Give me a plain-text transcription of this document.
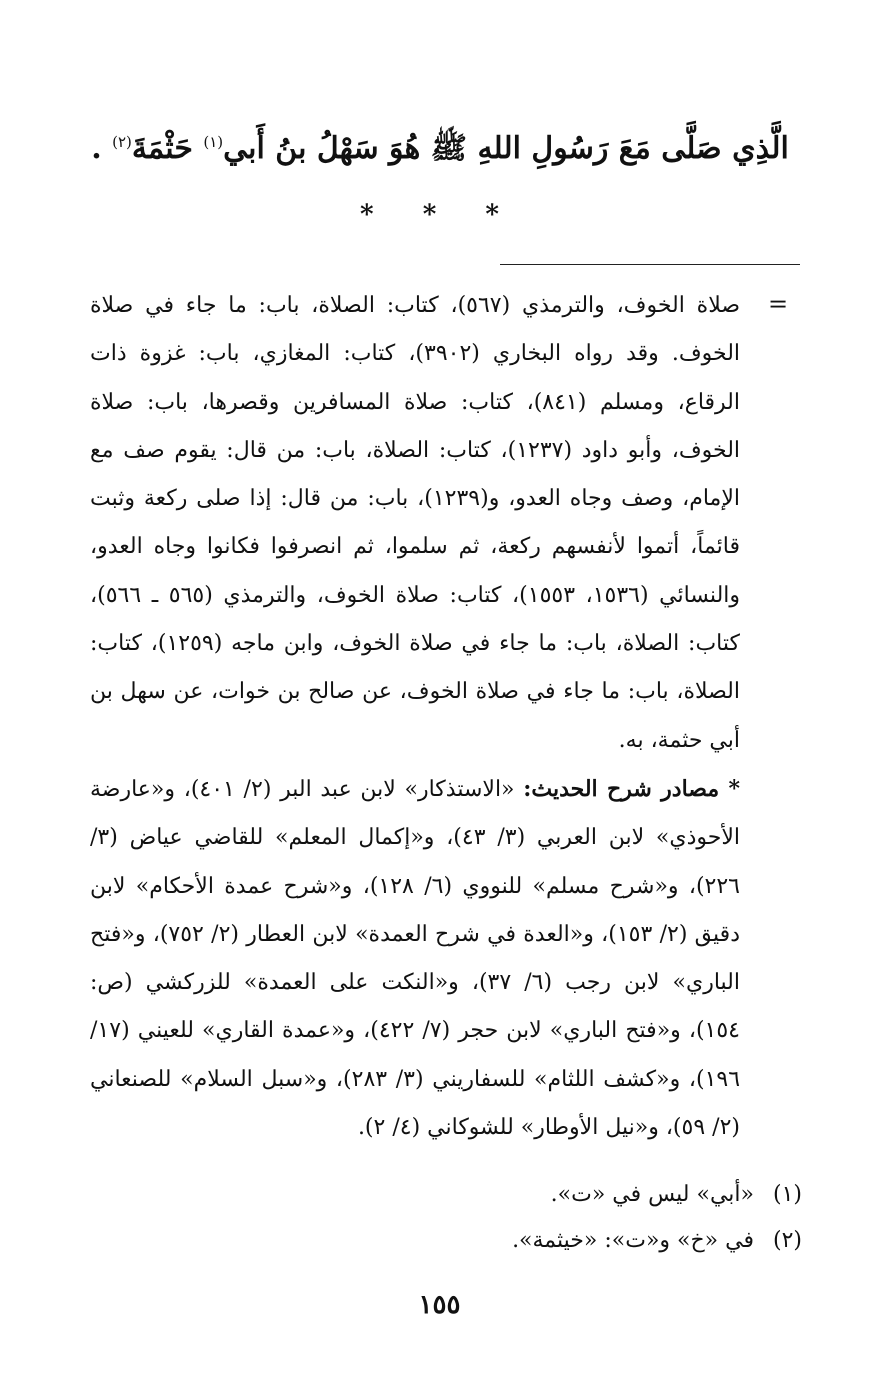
الَّذِي صَلَّى مَعَ رَسُولِ اللهِ ﷺ هُوَ سَهْلُ بنُ أَبي$^{(١)}$ حَثْمَةَ$^{(٢)}$ .
* * *
=

صلاة الخوف، والترمذي (٥٦٧)، كتاب: الصلاة، باب: ما جاء في صلاة الخوف. وقد رواه البخاري (٣٩٠٢)، كتاب: المغازي، باب: غزوة ذات الرقاع، ومسلم (٨٤١)، كتاب: صلاة المسافرين وقصرها، باب: صلاة الخوف، وأبو داود (١٢٣٧)، كتاب: الصلاة، باب: من قال: يقوم صف مع الإمام، وصف وجاه العدو، و(١٢٣٩)، باب: من قال: إذا صلى ركعة وثبت قائماً، أتموا لأنفسهم ركعة، ثم سلموا، ثم انصرفوا فكانوا وجاه العدو، والنسائي (١٥٣٦، ١٥٥٣)، كتاب: صلاة الخوف، والترمذي (٥٦٥ ـ ٥٦٦)، كتاب: الصلاة، باب: ما جاء في صلاة الخوف، وابن ماجه (١٢٥٩)، كتاب: الصلاة، باب: ما جاء في صلاة الخوف، عن صالح بن خوات، عن سهل بن أبي حثمة، به.

* مصادر شرح الحديث: «الاستذكار» لابن عبد البر (٢/ ٤٠١)، و«عارضة الأحوذي» لابن العربي (٣/ ٤٣)، و«إكمال المعلم» للقاضي عياض (٣/ ٢٢٦)، و«شرح مسلم» للنووي (٦/ ١٢٨)، و«شرح عمدة الأحكام» لابن دقيق (٢/ ١٥٣)، و«العدة في شرح العمدة» لابن العطار (٢/ ٧٥٢)، و«فتح الباري» لابن رجب (٦/ ٣٧)، و«النكت على العمدة» للزركشي (ص: ١٥٤)، و«فتح الباري» لابن حجر (٧/ ٤٢٢)، و«عمدة القاري» للعيني (١٧/ ١٩٦)، و«كشف اللثام» للسفاريني (٣/ ٢٨٣)، و«سبل السلام» للصنعاني (٢/ ٥٩)، و«نيل الأوطار» للشوكاني (٤/ ٢).

(١)
«أبي» ليس في «ت».
(٢)
في «خ» و«ت»: «خيثمة».
١٥٥
